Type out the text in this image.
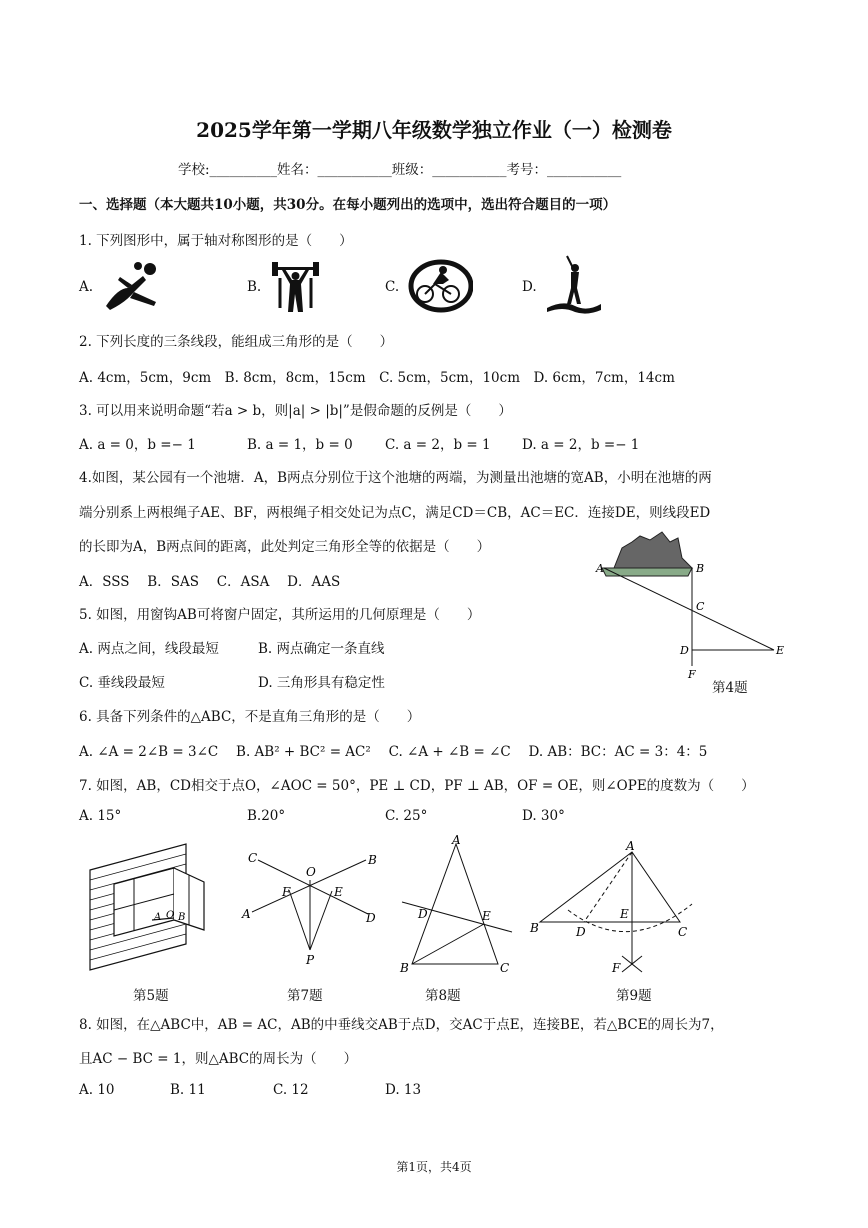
2025学年第一学期八年级数学独立作业（一）检测卷
学校:__________姓名：___________班级：___________考号：___________
一、选择题（本大题共10小题，共30分。在每小题列出的选项中，选出符合题目的一项）
1. 下列图形中，属于轴对称图形的是（　　）
A.	B.	C.	D.
2. 下列长度的三条线段，能组成三角形的是（　　）
A. 4cm，5cm，9cm　B. 8cm，8cm，15cm　C. 5cm，5cm，10cm　D. 6cm，7cm，14cm
3. 可以用来说明命题“若a > b，则|a| > |b|”是假命题的反例是（　　）
A. a = 0，b =− 1	B. a = 1，b = 0 C. a = 2，b = 1 D. a = 2，b =− 1
4.如图，某公园有一个池塘．A，B两点分别位于这个池塘的两端，为测量出池塘的宽AB，小明在池塘的两
端分别系上两根绳子AE、BF，两根绳子相交处记为点C，满足CD＝CB，AC＝EC．连接DE，则线段ED
的长即为A，B两点间的距离，此处判定三角形全等的依据是（　　）
A．SSS　 B．SAS　 C．ASA　 D．AAS
A	B
C
D	E
F
第4题
5. 如图，用窗钩AB可将窗户固定，其所运用的几何原理是（　　）
A. 两点之间，线段最短	B. 两点确定一条直线
C. 垂线段最短	D. 三角形具有稳定性
6. 具备下列条件的△ABC，不是直角三角形的是（　　）
A. ∠A = 2∠B = 3∠C　 B. AB² + BC² = AC²　 C. ∠A + ∠B = ∠C　 D. AB：BC：AC = 3：4：5
7. 如图，AB，CD相交于点O，∠AOC = 50°，PE ⊥ CD，PF ⊥ AB，OF = OE，则∠OPE的度数为（　　）
A. 15°	B.20°	C. 25°	D. 30°
A O B
C	B
O
F	E
A	D
P
A
D	E
B	C
A
E
B	D	C
F
第5题	第7题	第8题	第9题
8. 如图，在△ABC中，AB = AC，AB的中垂线交AB于点D，交AC于点E，连接BE，若△BCE的周长为7，
且AC − BC = 1，则△ABC的周长为（　　）
A. 10	B. 11	C. 12	D. 13
第1页，共4页
